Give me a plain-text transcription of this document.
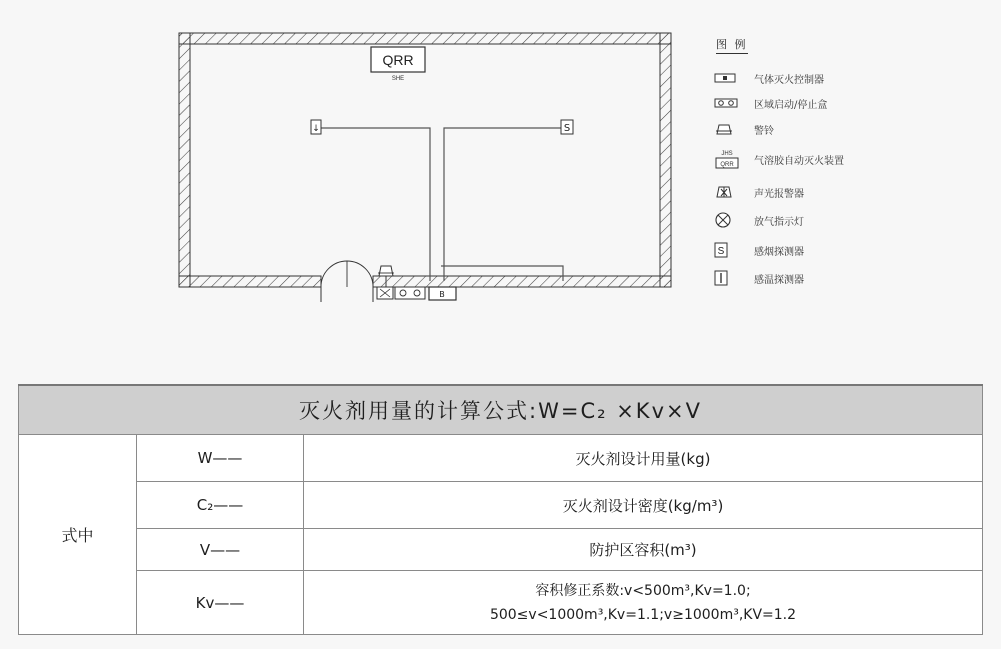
QRR
SHE
↓	S
B
图 例
气体灭火控制器
区域启动/停止盒
警铃
JHS
QRR 气溶胶自动灭火装置
声光报警器
放气指示灯
S	感烟探测器
感温探测器
灭火剂用量的计算公式:W=C₂ ×Kv×V		
式中	W——	灭火剂设计用量(kg)
	C₂——	灭火剂设计密度(kg/m³)
	V——	防护区容积(m³)
	Kv——	容积修正系数:v<500m³,Kv=1.0;
500≤v<1000m³,Kv=1.1;v≥1000m³,KV=1.2
